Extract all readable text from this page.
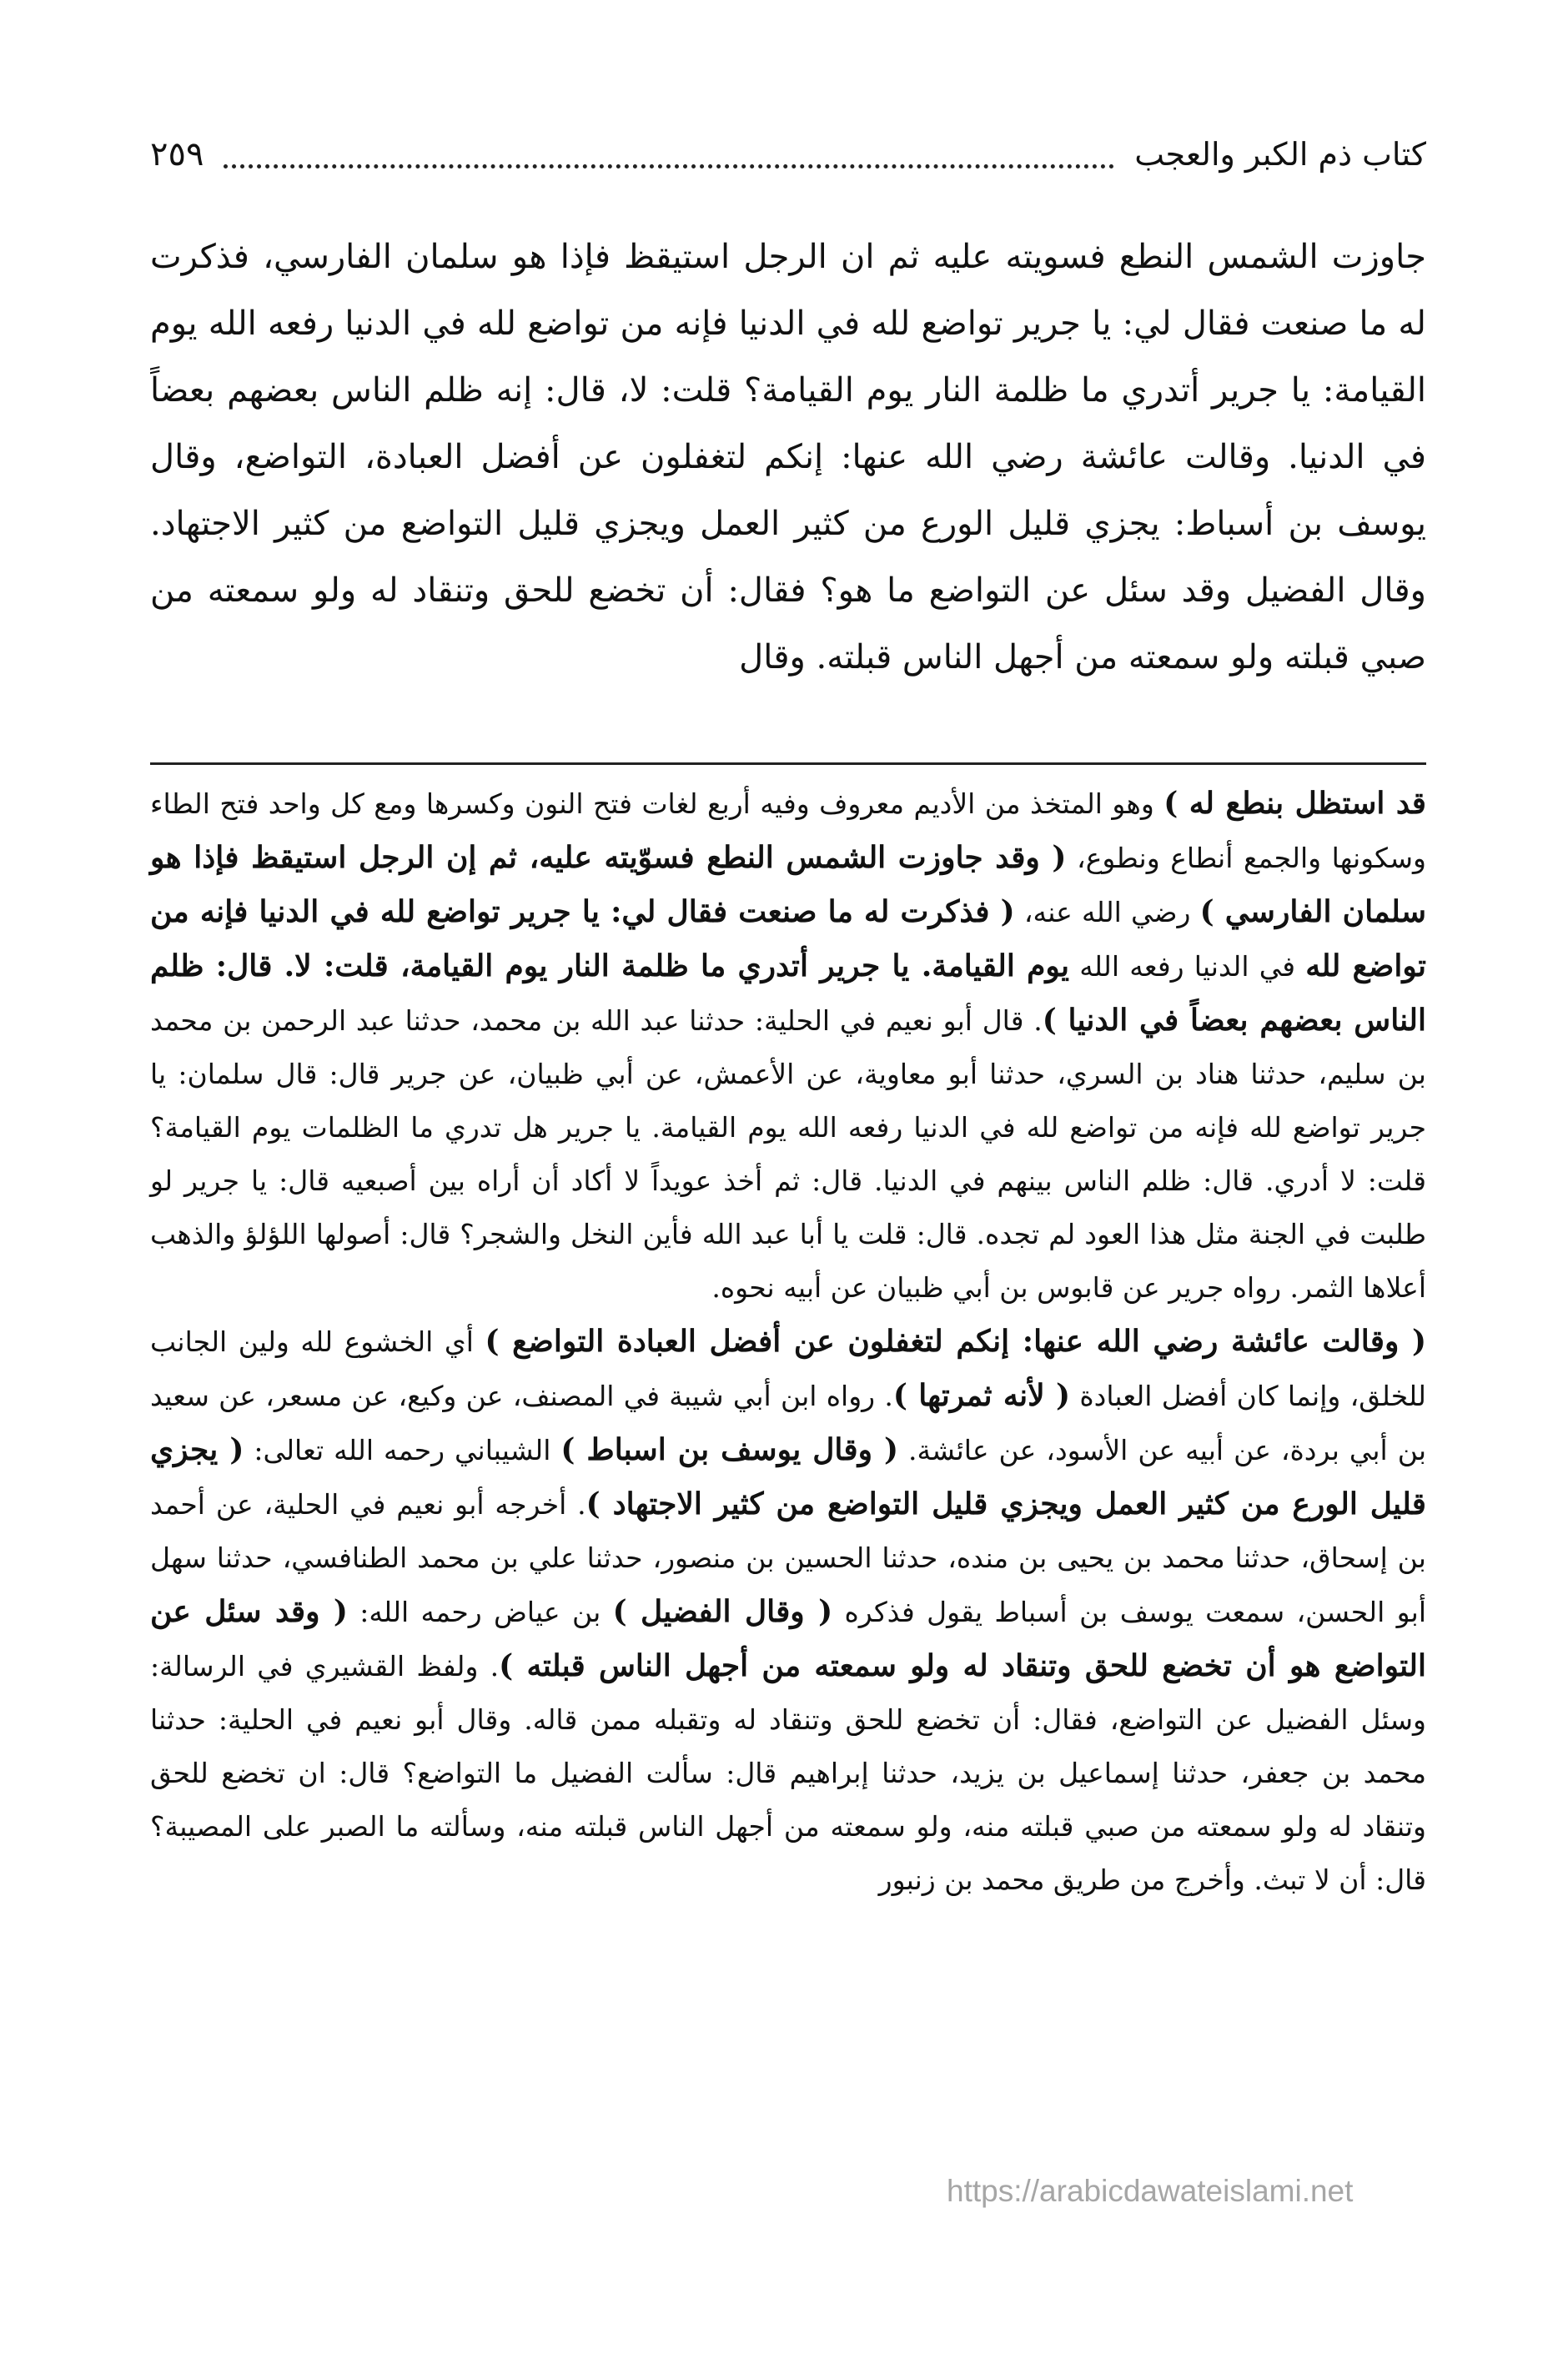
كتاب ذم الكبر والعجب
٢٥٩

جاوزت الشمس النطع فسويته عليه ثم ان الرجل استيقظ فإذا هو سلمان الفارسي، فذكرت له ما صنعت فقال لي: يا جرير تواضع لله في الدنيا فإنه من تواضع لله في الدنيا رفعه الله يوم القيامة: يا جرير أتدري ما ظلمة النار يوم القيامة؟ قلت: لا، قال: إنه ظلم الناس بعضهم بعضاً في الدنيا. وقالت عائشة رضي الله عنها: إنكم لتغفلون عن أفضل العبادة، التواضع، وقال يوسف بن أسباط: يجزي قليل الورع من كثير العمل ويجزي قليل التواضع من كثير الاجتهاد. وقال الفضيل وقد سئل عن التواضع ما هو؟ فقال: أن تخضع للحق وتنقاد له ولو سمعته من صبي قبلته ولو سمعته من أجهل الناس قبلته. وقال

قد استظل بنطع له ) وهو المتخذ من الأديم معروف وفيه أربع لغات فتح النون وكسرها ومع كل واحد فتح الطاء وسكونها والجمع أنطاع ونطوع، ( وقد جاوزت الشمس النطع فسوّيته عليه، ثم إن الرجل استيقظ فإذا هو سلمان الفارسي ) رضي الله عنه، ( فذكرت له ما صنعت فقال لي: يا جرير تواضع لله في الدنيا فإنه من تواضع لله في الدنيا رفعه الله يوم القيامة. يا جرير أتدري ما ظلمة النار يوم القيامة، قلت: لا. قال: ظلم الناس بعضهم بعضاً في الدنيا ). قال أبو نعيم في الحلية: حدثنا عبد الله بن محمد، حدثنا عبد الرحمن بن محمد بن سليم، حدثنا هناد بن السري، حدثنا أبو معاوية، عن الأعمش، عن أبي ظبيان، عن جرير قال: قال سلمان: يا جرير تواضع لله فإنه من تواضع لله في الدنيا رفعه الله يوم القيامة. يا جرير هل تدري ما الظلمات يوم القيامة؟ قلت: لا أدري. قال: ظلم الناس بينهم في الدنيا. قال: ثم أخذ عويداً لا أكاد أن أراه بين أصبعيه قال: يا جرير لو طلبت في الجنة مثل هذا العود لم تجده. قال: قلت يا أبا عبد الله فأين النخل والشجر؟ قال: أصولها اللؤلؤ والذهب أعلاها الثمر. رواه جرير عن قابوس بن أبي ظبيان عن أبيه نحوه.

( وقالت عائشة رضي الله عنها: إنكم لتغفلون عن أفضل العبادة التواضع ) أي الخشوع لله ولين الجانب للخلق، وإنما كان أفضل العبادة ( لأنه ثمرتها ). رواه ابن أبي شيبة في المصنف، عن وكيع، عن مسعر، عن سعيد بن أبي بردة، عن أبيه عن الأسود، عن عائشة. ( وقال يوسف بن اسباط ) الشيباني رحمه الله تعالى: ( يجزي قليل الورع من كثير العمل ويجزي قليل التواضع من كثير الاجتهاد ). أخرجه أبو نعيم في الحلية، عن أحمد بن إسحاق، حدثنا محمد بن يحيى بن منده، حدثنا الحسين بن منصور، حدثنا علي بن محمد الطنافسي، حدثنا سهل أبو الحسن، سمعت يوسف بن أسباط يقول فذكره ( وقال الفضيل ) بن عياض رحمه الله: ( وقد سئل عن التواضع هو أن تخضع للحق وتنقاد له ولو سمعته من أجهل الناس قبلته ). ولفظ القشيري في الرسالة: وسئل الفضيل عن التواضع، فقال: أن تخضع للحق وتنقاد له وتقبله ممن قاله. وقال أبو نعيم في الحلية: حدثنا محمد بن جعفر، حدثنا إسماعيل بن يزيد، حدثنا إبراهيم قال: سألت الفضيل ما التواضع؟ قال: ان تخضع للحق وتنقاد له ولو سمعته من صبي قبلته منه، ولو سمعته من أجهل الناس قبلته منه، وسألته ما الصبر على المصيبة؟ قال: أن لا تبث. وأخرج من طريق محمد بن زنبور

https://arabicdawateislami.net
